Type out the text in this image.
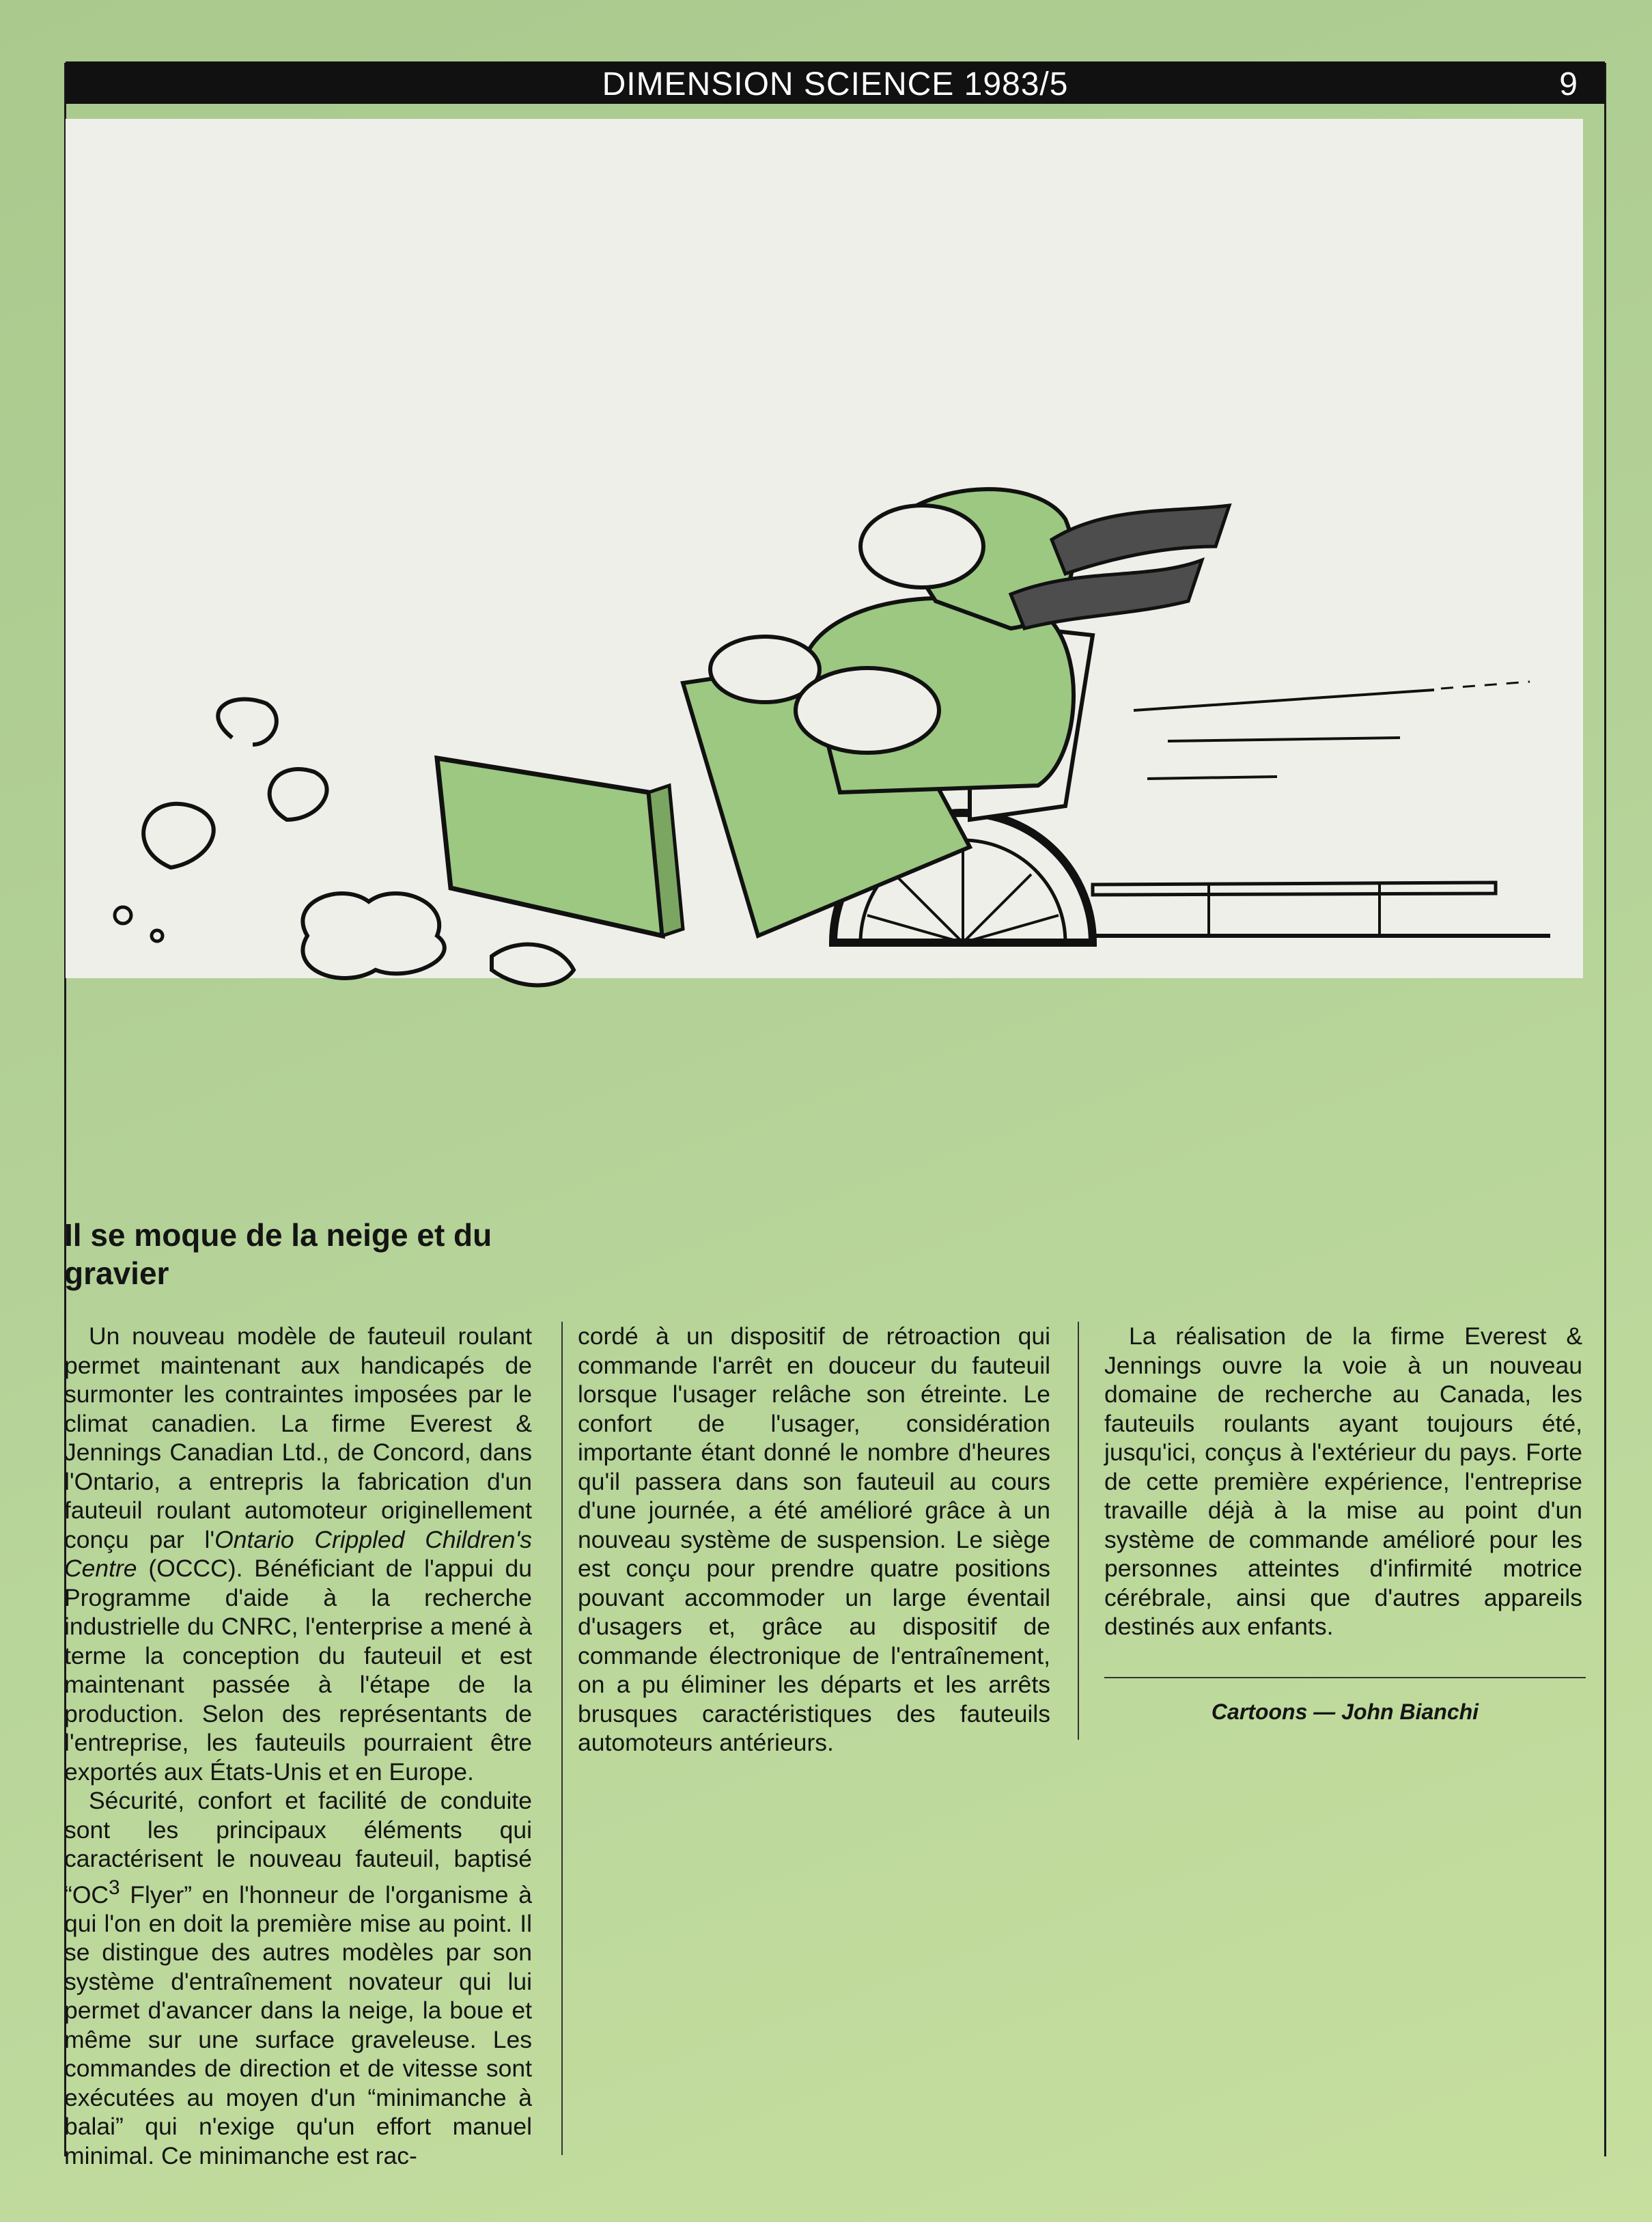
DIMENSION SCIENCE 1983/5	9
Il se moque de la neige et du gravier

Un nouveau modèle de fauteuil roulant permet maintenant aux handicapés de surmonter les contraintes imposées par le climat canadien. La firme Everest & Jennings Canadian Ltd., de Concord, dans l'Ontario, a entrepris la fabrication d'un fauteuil roulant automoteur originellement conçu par l'Ontario Crippled Children's Centre (OCCC). Bénéficiant de l'appui du Programme d'aide à la recherche industrielle du CNRC, l'enterprise a mené à terme la conception du fauteuil et est maintenant passée à l'étape de la production. Selon des représentants de l'entreprise, les fauteuils pourraient être exportés aux États-Unis et en Europe.

Sécurité, confort et facilité de conduite sont les principaux éléments qui caractérisent le nouveau fauteuil, baptisé “$OC^3$ Flyer” en l'honneur de l'organisme à qui l'on en doit la première mise au point. Il se distingue des autres modèles par son système d'entraînement novateur qui lui permet d'avancer dans la neige, la boue et même sur une surface graveleuse. Les commandes de direction et de vitesse sont exécutées au moyen d'un “minimanche à balai” qui n'exige qu'un effort manuel minimal. Ce minimanche est rac-

cordé à un dispositif de rétroaction qui commande l'arrêt en douceur du fauteuil lorsque l'usager relâche son étreinte. Le confort de l'usager, considération importante étant donné le nombre d'heures qu'il passera dans son fauteuil au cours d'une journée, a été amélioré grâce à un nouveau système de suspension. Le siège est conçu pour prendre quatre positions pouvant accommoder un large éventail d'usagers et, grâce au dispositif de commande électronique de l'entraînement, on a pu éliminer les départs et les arrêts brusques caractéristiques des fauteuils automoteurs antérieurs.

La réalisation de la firme Everest & Jennings ouvre la voie à un nouveau domaine de recherche au Canada, les fauteuils roulants ayant toujours été, jusqu'ici, conçus à l'extérieur du pays. Forte de cette première expérience, l'entreprise travaille déjà à la mise au point d'un système de commande amélioré pour les personnes atteintes d'infirmité motrice cérébrale, ainsi que d'autres appareils destinés aux enfants.

Cartoons — John Bianchi
